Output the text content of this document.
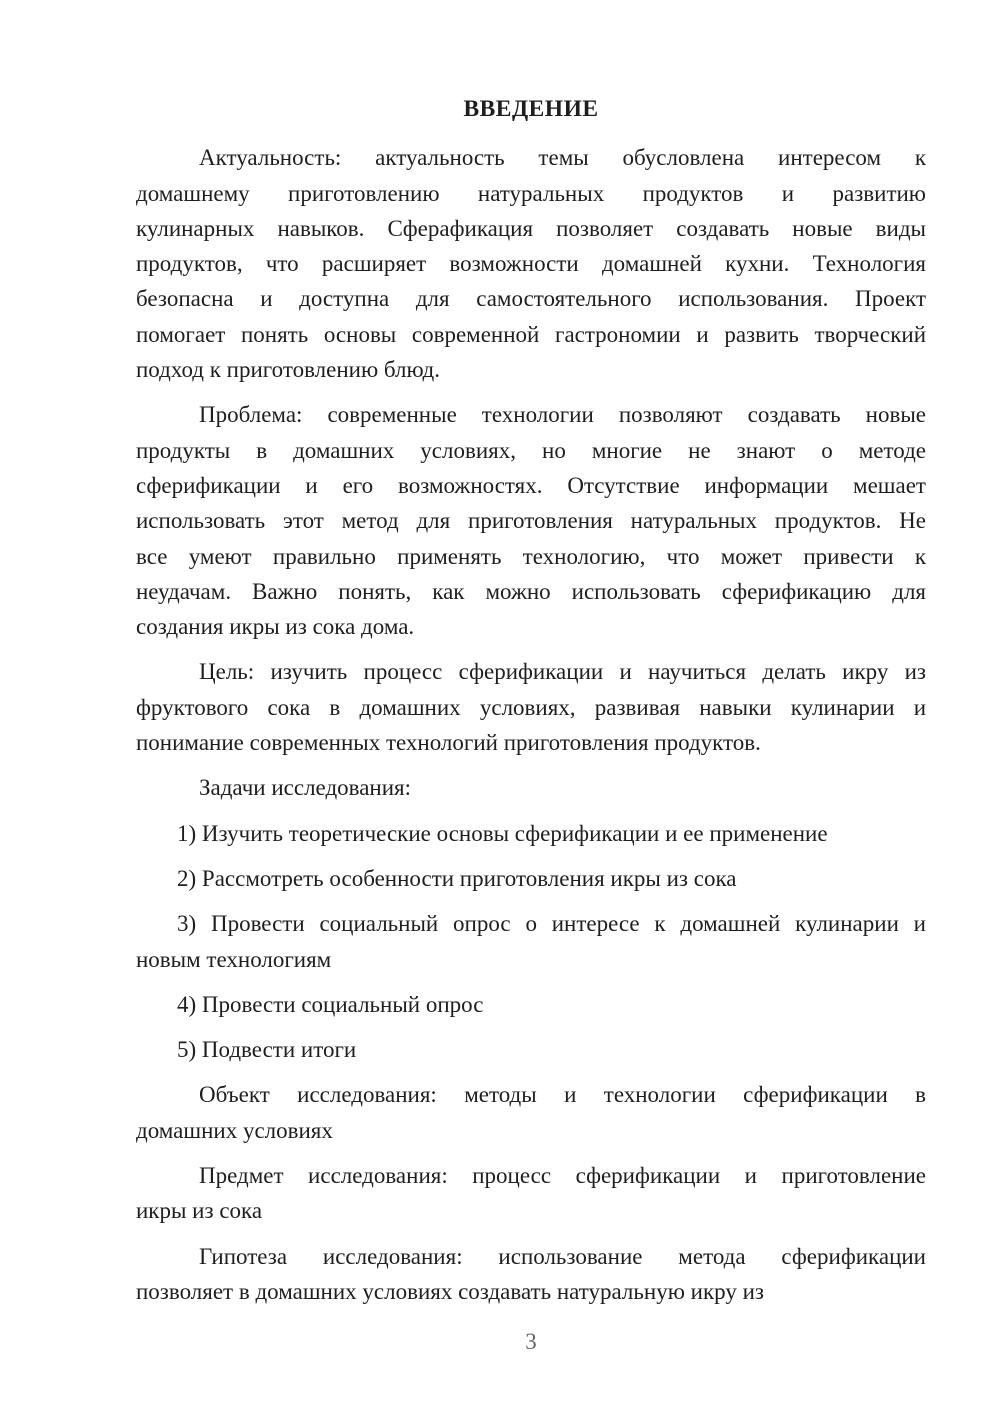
ВВЕДЕНИЕ
Актуальность: актуальность темы обусловлена интересом к
домашнему приготовлению натуральных продуктов и развитию
кулинарных навыков. Сферафикация позволяет создавать новые виды
продуктов, что расширяет возможности домашней кухни. Технология
безопасна и доступна для самостоятельного использования. Проект
помогает понять основы современной гастрономии и развить творческий
подход к приготовлению блюд.
Проблема: современные технологии позволяют создавать новые
продукты в домашних условиях, но многие не знают о методе
сферификации и его возможностях. Отсутствие информации мешает
использовать этот метод для приготовления натуральных продуктов. Не
все умеют правильно применять технологию, что может привести к
неудачам. Важно понять, как можно использовать сферификацию для
создания икры из сока дома.
Цель: изучить процесс сферификации и научиться делать икру из
фруктового сока в домашних условиях, развивая навыки кулинарии и
понимание современных технологий приготовления продуктов.
Задачи исследования:
1) Изучить теоретические основы сферификации и ее применение
2) Рассмотреть особенности приготовления икры из сока
3) Провести социальный опрос о интересе к домашней кулинарии и
новым технологиям
4) Провести социальный опрос
5) Подвести итоги
Объект исследования: методы и технологии сферификации в
домашних условиях
Предмет исследования: процесс сферификации и приготовление
икры из сока
Гипотеза исследования: использование метода сферификации
позволяет в домашних условиях создавать натуральную икру из
3
